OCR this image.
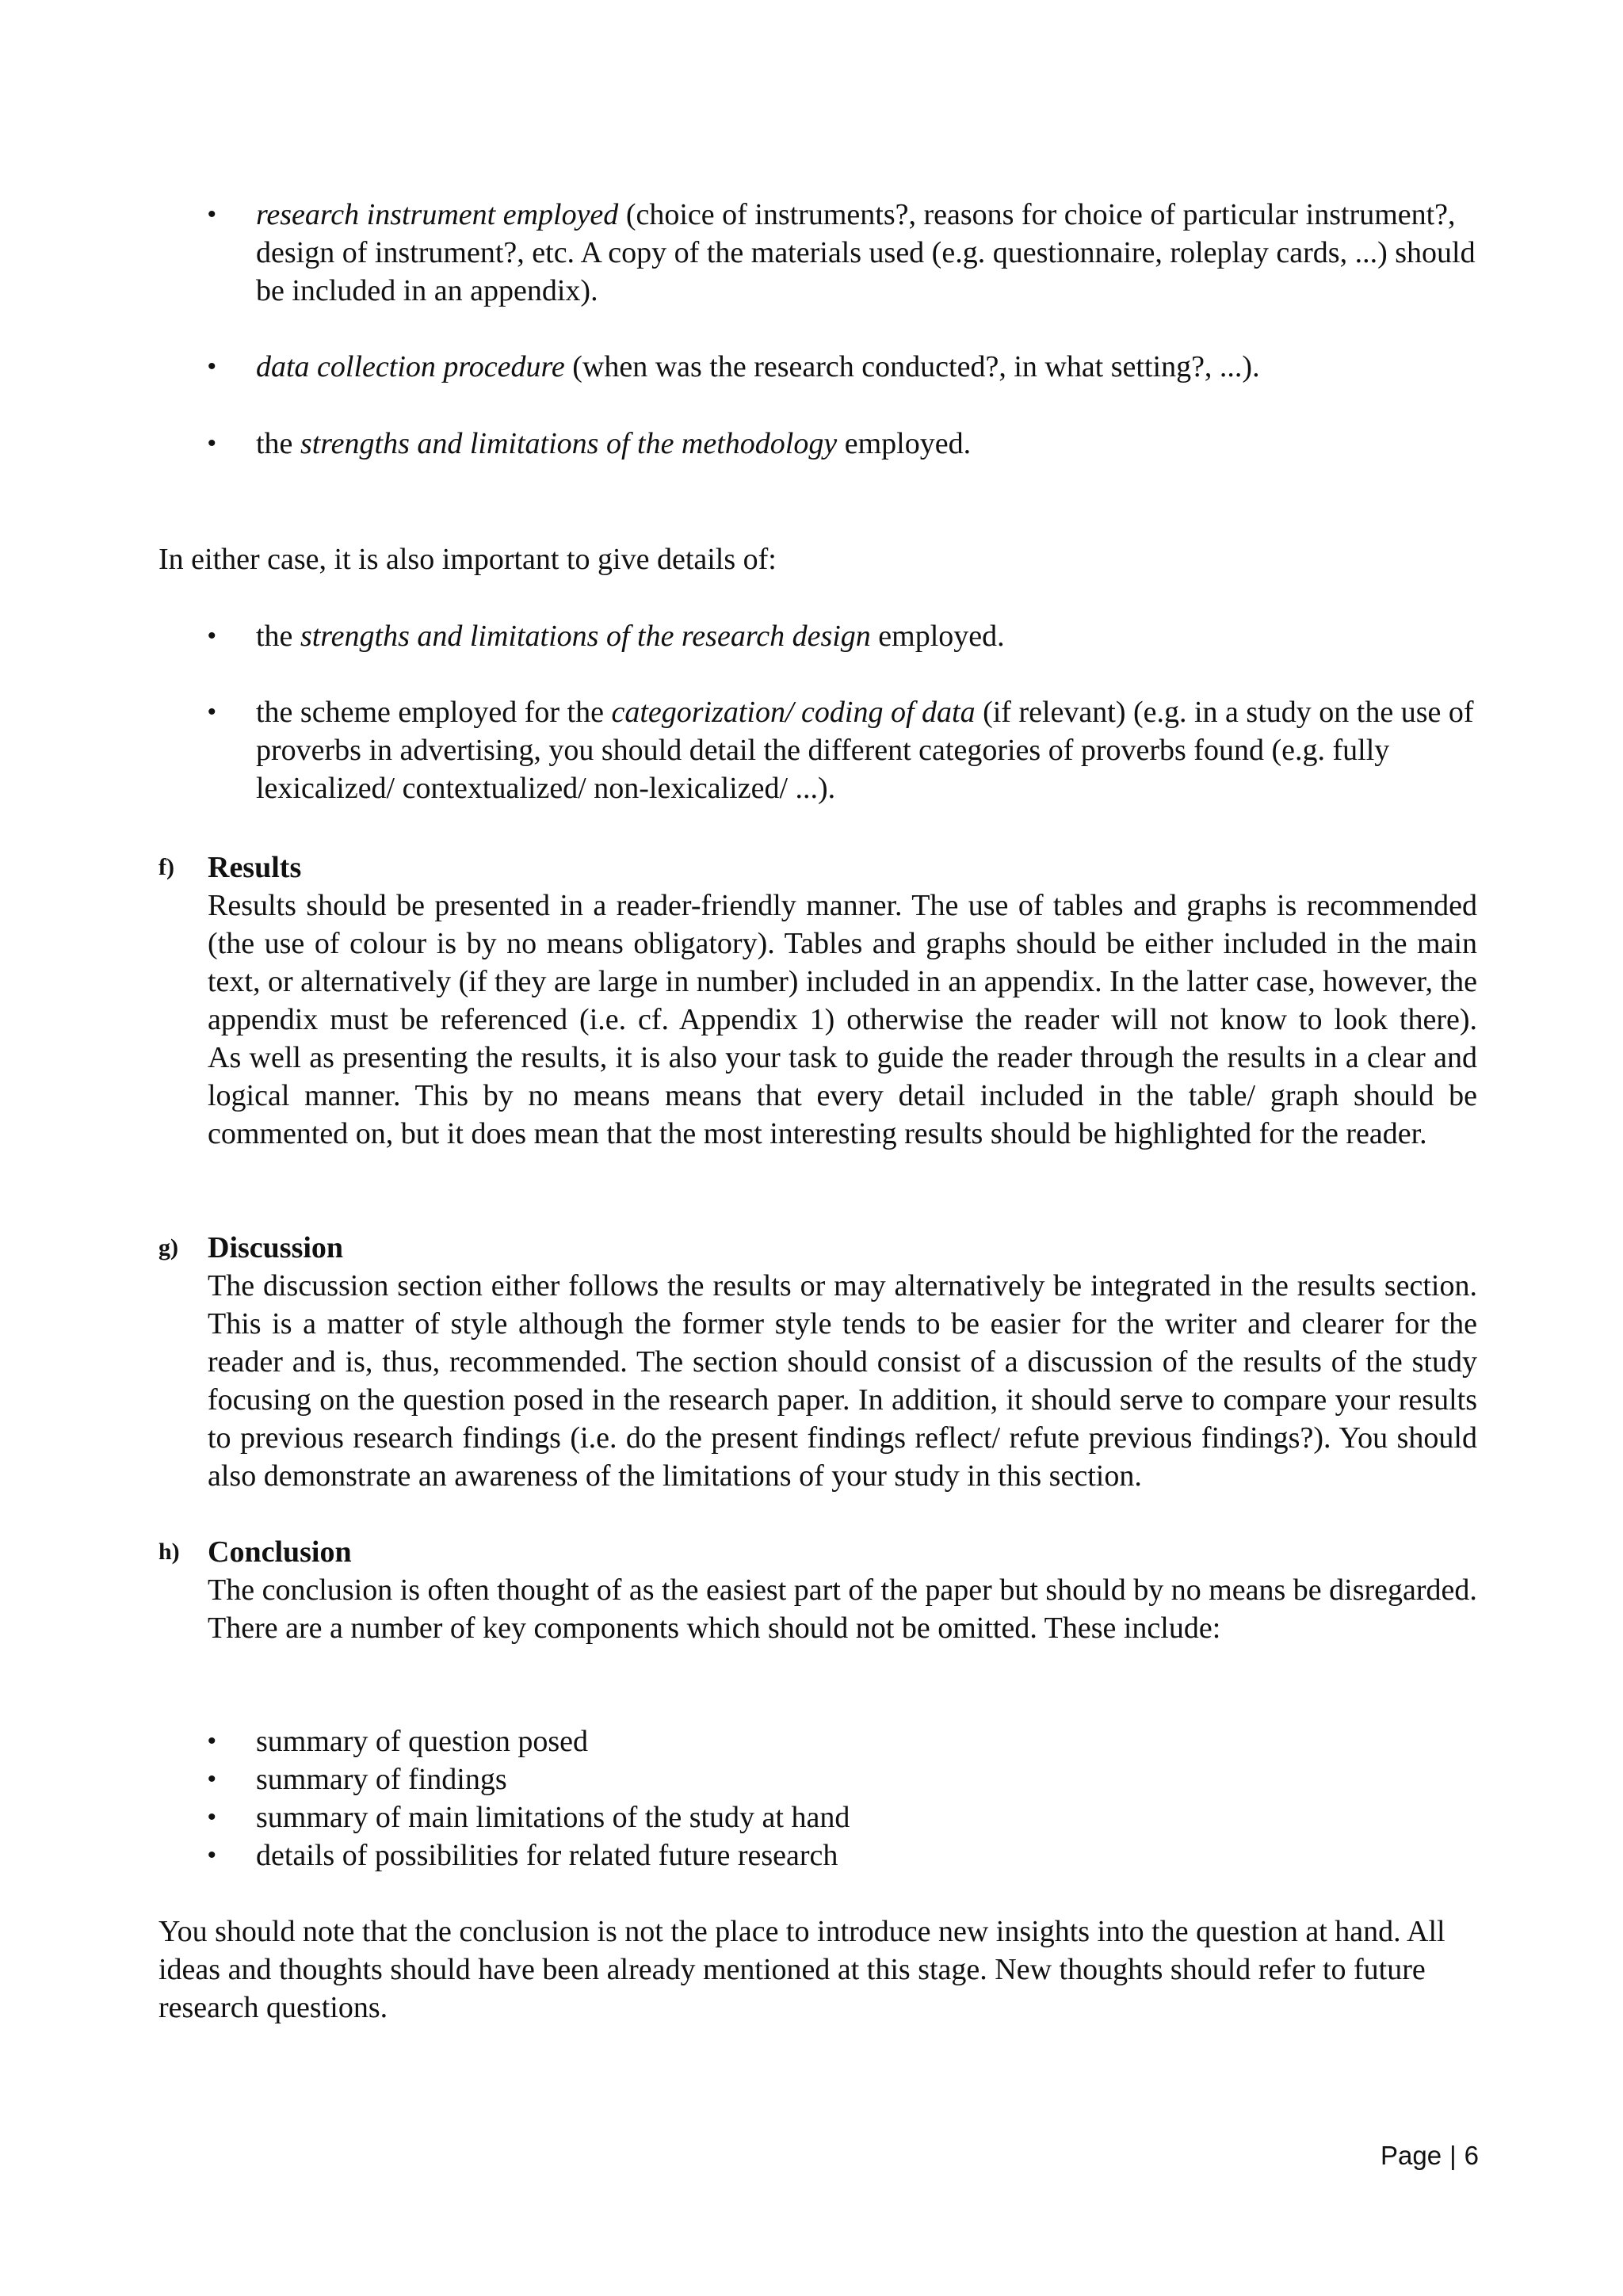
• research instrument employed (choice of instruments?, reasons for choice of particular instrument?, design of instrument?, etc. A copy of the materials used (e.g. questionnaire, roleplay cards, ...) should be included in an appendix).
• data collection procedure (when was the research conducted?, in what setting?, ...).
• the strengths and limitations of the methodology employed.

In either case, it is also important to give details of:

• the strengths and limitations of the research design employed.
• the scheme employed for the categorization/ coding of data (if relevant) (e.g. in a study on the use of proverbs in advertising, you should detail the different categories of proverbs found (e.g. fully lexicalized/ contextualized/ non-lexicalized/ ...).
f) Results

Results should be presented in a reader-friendly manner. The use of tables and graphs is recommended (the use of colour is by no means obligatory). Tables and graphs should be either included in the main text, or alternatively (if they are large in number) included in an appendix. In the latter case, however, the appendix must be referenced (i.e. cf. Appendix 1) otherwise the reader will not know to look there).

As well as presenting the results, it is also your task to guide the reader through the results in a clear and logical manner. This by no means means that every detail included in the table/ graph should be commented on, but it does mean that the most interesting results should be highlighted for the reader.

g) Discussion

The discussion section either follows the results or may alternatively be integrated in the results section. This is a matter of style although the former style tends to be easier for the writer and clearer for the reader and is, thus, recommended. The section should consist of a discussion of the results of the study focusing on the question posed in the research paper. In addition, it should serve to compare your results to previous research findings (i.e. do the present findings reflect/ refute previous findings?). You should also demonstrate an awareness of the limitations of your study in this section.

h) Conclusion

The conclusion is often thought of as the easiest part of the paper but should by no means be disregarded. There are a number of key components which should not be omitted. These include:

• summary of question posed
• summary of findings
• summary of main limitations of the study at hand
• details of possibilities for related future research

You should note that the conclusion is not the place to introduce new insights into the question at hand. All ideas and thoughts should have been already mentioned at this stage. New thoughts should refer to future research questions.

Page | 6
